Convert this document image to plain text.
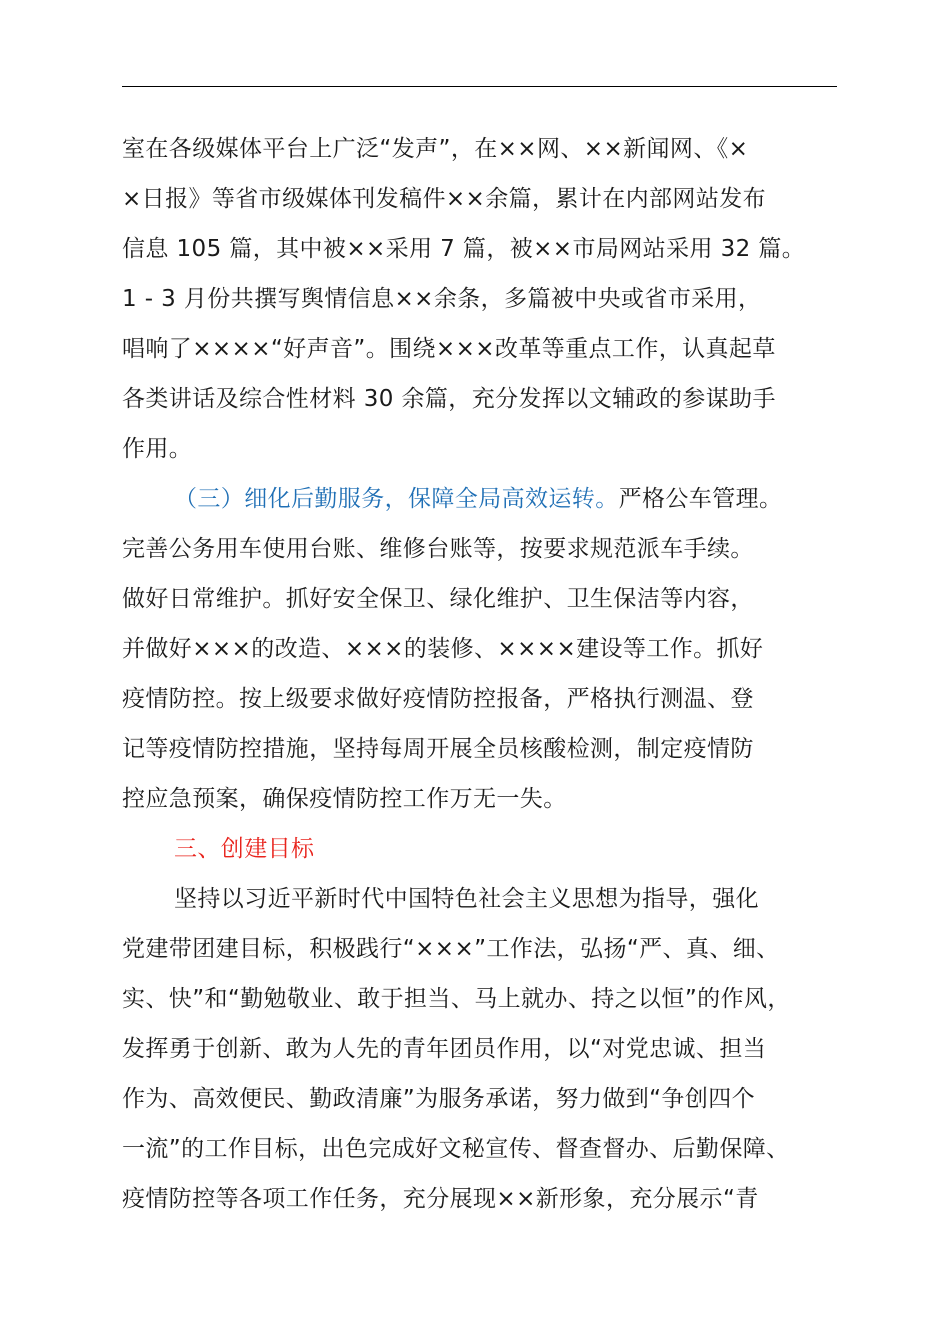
室在各级媒体平台上广泛“发声”，在××网、××新闻网、《×
×日报》等省市级媒体刊发稿件××余篇，累计在内部网站发布
信息 105 篇，其中被××采用 7 篇，被××市局网站采用 32 篇。
1 - 3 月份共撰写舆情信息××余条，多篇被中央或省市采用，
唱响了××××“好声音”。围绕×××改革等重点工作，认真起草
各类讲话及综合性材料 30 余篇，充分发挥以文辅政的参谋助手
作用。
（三）细化后勤服务，保障全局高效运转。严格公车管理。
完善公务用车使用台账、维修台账等，按要求规范派车手续。
做好日常维护。抓好安全保卫、绿化维护、卫生保洁等内容，
并做好×××的改造、×××的装修、××××建设等工作。抓好
疫情防控。按上级要求做好疫情防控报备，严格执行测温、登
记等疫情防控措施，坚持每周开展全员核酸检测，制定疫情防
控应急预案，确保疫情防控工作万无一失。
三、创建目标
坚持以习近平新时代中国特色社会主义思想为指导，强化
党建带团建目标，积极践行“×××”工作法，弘扬“严、真、细、
实、快”和“勤勉敬业、敢于担当、马上就办、持之以恒”的作风，
发挥勇于创新、敢为人先的青年团员作用，以“对党忠诚、担当
作为、高效便民、勤政清廉”为服务承诺，努力做到“争创四个
一流”的工作目标，出色完成好文秘宣传、督查督办、后勤保障、
疫情防控等各项工作任务，充分展现××新形象，充分展示“青
